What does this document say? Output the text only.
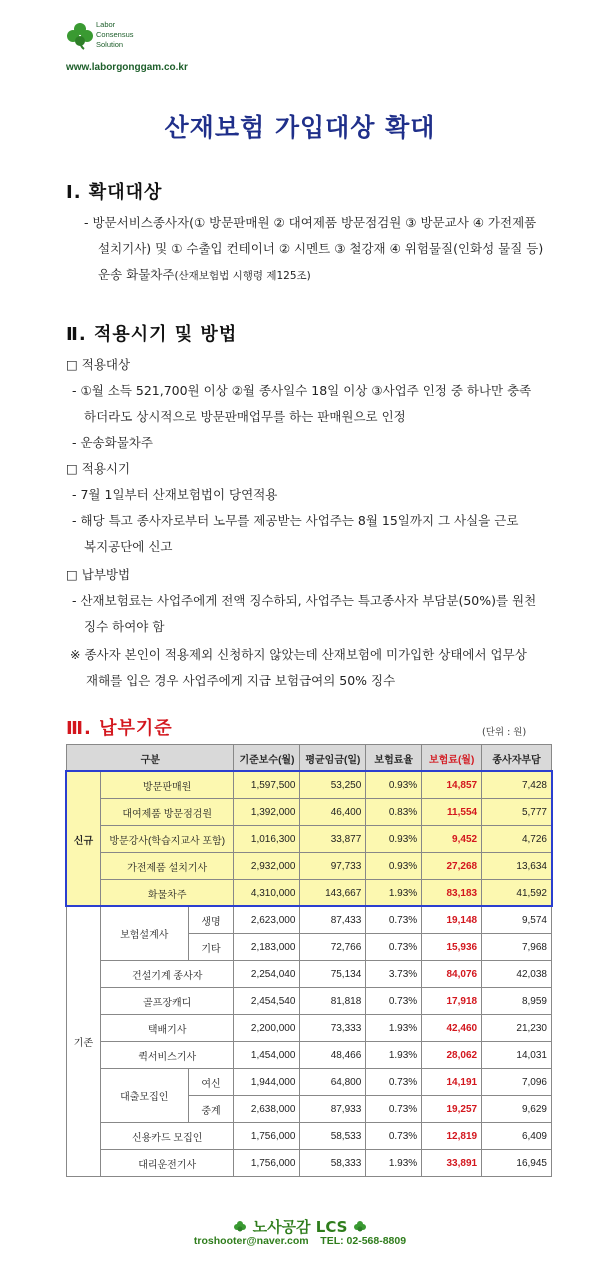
Labor
Consensus
Solution
www.laborgonggam.co.kr
산재보험 가입대상 확대
Ⅰ. 확대대상
- 방문서비스종사자(① 방문판매원 ② 대여제품 방문점검원 ③ 방문교사 ④ 가전제품
설치기사) 및 ① 수출입 컨테이너 ② 시멘트 ③ 철강재 ④ 위험물질(인화성 물질 등)
운송 화물차주(산재보험법 시행령 제125조)
Ⅱ. 적용시기 및 방법
□ 적용대상
- ①월 소득 521,700원 이상 ②월 종사일수 18일 이상 ③사업주 인정 중 하나만 충족
하더라도 상시적으로 방문판매업무를 하는 판매원으로 인정
- 운송화물차주
□ 적용시기
- 7월 1일부터 산재보험법이 당연적용
- 해당 특고 종사자로부터 노무를 제공받는 사업주는 8월 15일까지 그 사실을 근로
복지공단에 신고
□ 납부방법
- 산재보험료는 사업주에게 전액 징수하되, 사업주는 특고종사자 부담분(50%)를 원천
징수 하여야 함
※ 종사자 본인이 적용제외 신청하지 않았는데 산재보험에 미가입한 상태에서 업무상
재해를 입은 경우 사업주에게 지급 보험급여의 50% 징수
Ⅲ. 납부기준	(단위 : 원)
구분			기준보수(월)	평균임금(일)	보험료율	보험료(월)	종사자부담
신규	방문판매원		1,597,500	53,250	0.93%	14,857	7,428
	대여제품 방문점검원		1,392,000	46,400	0.83%	11,554	5,777
	방문강사(학습지교사 포함)		1,016,300	33,877	0.93%	9,452	4,726
	가전제품 설치기사		2,932,000	97,733	0.93%	27,268	13,634
	화물차주		4,310,000	143,667	1.93%	83,183	41,592
기존	보험설계사	생명	2,623,000	87,433	0.73%	19,148	9,574
		기타	2,183,000	72,766	0.73%	15,936	7,968
	건설기계 종사자		2,254,040	75,134	3.73%	84,076	42,038
	골프장캐디		2,454,540	81,818	0.73%	17,918	8,959
	택배기사		2,200,000	73,333	1.93%	42,460	21,230
	퀵서비스기사		1,454,000	48,466	1.93%	28,062	14,031
	대출모집인	여신	1,944,000	64,800	0.73%	14,191	7,096
		중계	2,638,000	87,933	0.73%	19,257	9,629
	신용카드 모집인		1,756,000	58,533	0.73%	12,819	6,409
	대리운전기사		1,756,000	58,333	1.93%	33,891	16,945
노사공감 LCS
troshooter@naver.com TEL: 02-568-8809
